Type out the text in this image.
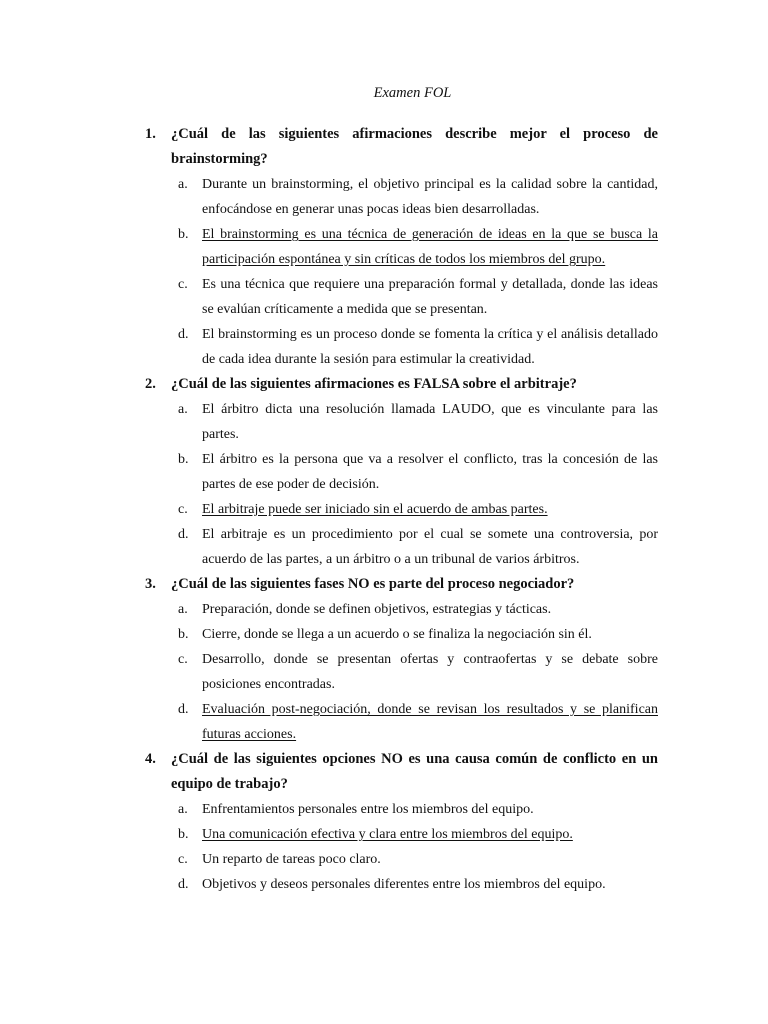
Examen FOL
1.	¿Cuál de las siguientes afirmaciones describe mejor el proceso de brainstorming?
a.	Durante un brainstorming, el objetivo principal es la calidad sobre la cantidad, enfocándose en generar unas pocas ideas bien desarrolladas.
b. El brainstorming es una técnica de generación de ideas en la que se busca la participación espontánea y sin críticas de todos los miembros del grupo.
c.	Es una técnica que requiere una preparación formal y detallada, donde las ideas se evalúan críticamente a medida que se presentan.
d. El brainstorming es un proceso donde se fomenta la crítica y el análisis detallado de cada idea durante la sesión para estimular la creatividad.
2.	¿Cuál de las siguientes afirmaciones es FALSA sobre el arbitraje?
a.	El árbitro dicta una resolución llamada LAUDO, que es vinculante para las partes.
b. El árbitro es la persona que va a resolver el conflicto, tras la concesión de las partes de ese poder de decisión.
c.	El arbitraje puede ser iniciado sin el acuerdo de ambas partes.
d. El arbitraje es un procedimiento por el cual se somete una controversia, por acuerdo de las partes, a un árbitro o a un tribunal de varios árbitros.
3.	¿Cuál de las siguientes fases NO es parte del proceso negociador?
a.	Preparación, donde se definen objetivos, estrategias y tácticas.
b. Cierre, donde se llega a un acuerdo o se finaliza la negociación sin él.
c.	Desarrollo, donde se presentan ofertas y contraofertas y se debate sobre posiciones encontradas.
d. Evaluación post-negociación, donde se revisan los resultados y se planifican futuras acciones.
4.	¿Cuál de las siguientes opciones NO es una causa común de conflicto en un equipo de trabajo?
a.	Enfrentamientos personales entre los miembros del equipo.
b. Una comunicación efectiva y clara entre los miembros del equipo.
c.	Un reparto de tareas poco claro.
d. Objetivos y deseos personales diferentes entre los miembros del equipo.
